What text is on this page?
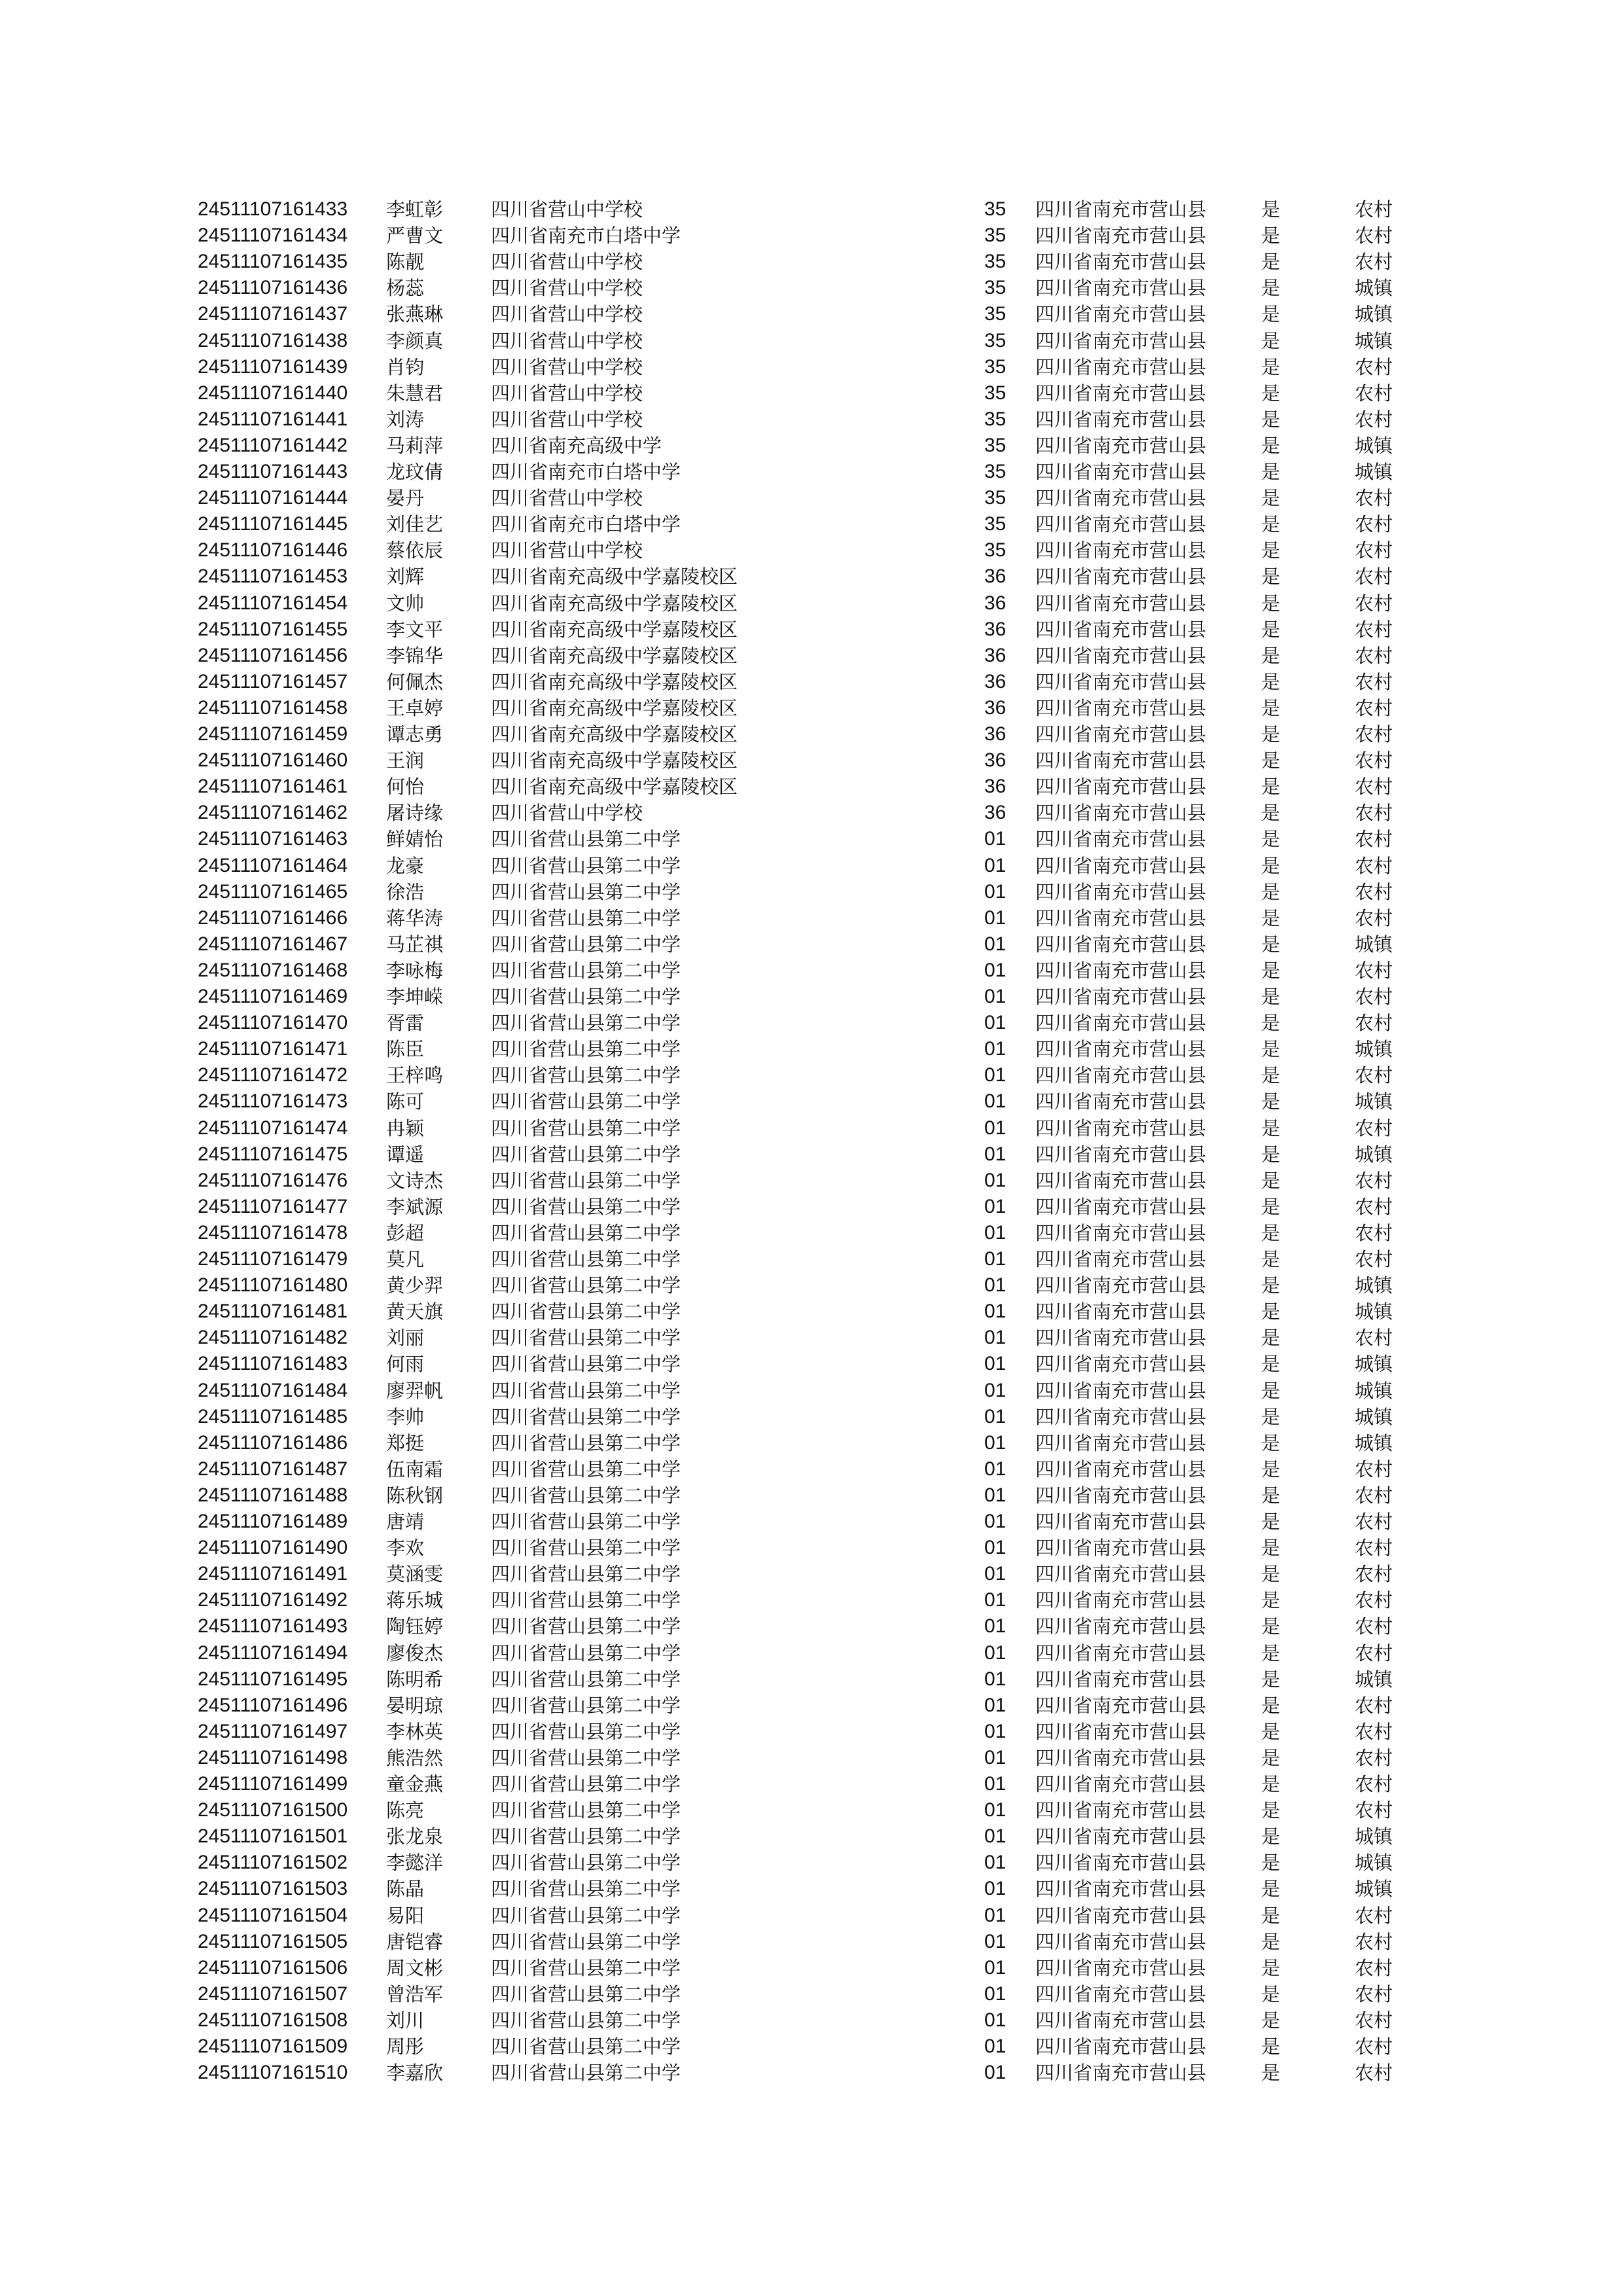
24511107161433 李虹彰	四川省营山中学校	35 四川省南充市营山县	是	农村
24511107161434 严曹文	四川省南充市白塔中学	35 四川省南充市营山县	是	农村
24511107161435 陈靓	四川省营山中学校	35 四川省南充市营山县	是	农村
24511107161436 杨蕊	四川省营山中学校	35 四川省南充市营山县	是	城镇
24511107161437 张燕琳	四川省营山中学校	35 四川省南充市营山县	是	城镇
24511107161438 李颜真	四川省营山中学校	35 四川省南充市营山县	是	城镇
24511107161439 肖钧	四川省营山中学校	35 四川省南充市营山县	是	农村
24511107161440 朱慧君	四川省营山中学校	35 四川省南充市营山县	是	农村
24511107161441 刘涛	四川省营山中学校	35 四川省南充市营山县	是	农村
24511107161442 马莉萍	四川省南充高级中学	35 四川省南充市营山县	是	城镇
24511107161443 龙玟倩	四川省南充市白塔中学	35 四川省南充市营山县	是	城镇
24511107161444 晏丹	四川省营山中学校	35 四川省南充市营山县	是	农村
24511107161445 刘佳艺	四川省南充市白塔中学	35 四川省南充市营山县	是	农村
24511107161446 蔡依辰	四川省营山中学校	35 四川省南充市营山县	是	农村
24511107161453 刘辉	四川省南充高级中学嘉陵校区	36 四川省南充市营山县	是	农村
24511107161454 文帅	四川省南充高级中学嘉陵校区	36 四川省南充市营山县	是	农村
24511107161455 李文平	四川省南充高级中学嘉陵校区	36 四川省南充市营山县	是	农村
24511107161456 李锦华	四川省南充高级中学嘉陵校区	36 四川省南充市营山县	是	农村
24511107161457 何佩杰	四川省南充高级中学嘉陵校区	36 四川省南充市营山县	是	农村
24511107161458 王卓婷	四川省南充高级中学嘉陵校区	36 四川省南充市营山县	是	农村
24511107161459 谭志勇	四川省南充高级中学嘉陵校区	36 四川省南充市营山县	是	农村
24511107161460 王润	四川省南充高级中学嘉陵校区	36 四川省南充市营山县	是	农村
24511107161461 何怡	四川省南充高级中学嘉陵校区	36 四川省南充市营山县	是	农村
24511107161462 屠诗缘	四川省营山中学校	36 四川省南充市营山县	是	农村
24511107161463 鲜婧怡	四川省营山县第二中学	01 四川省南充市营山县	是	农村
24511107161464 龙豪	四川省营山县第二中学	01 四川省南充市营山县	是	农村
24511107161465 徐浩	四川省营山县第二中学	01 四川省南充市营山县	是	农村
24511107161466 蒋华涛	四川省营山县第二中学	01 四川省南充市营山县	是	农村
24511107161467 马芷祺	四川省营山县第二中学	01 四川省南充市营山县	是	城镇
24511107161468 李咏梅	四川省营山县第二中学	01 四川省南充市营山县	是	农村
24511107161469 李坤嵘	四川省营山县第二中学	01 四川省南充市营山县	是	农村
24511107161470 胥雷	四川省营山县第二中学	01 四川省南充市营山县	是	农村
24511107161471 陈臣	四川省营山县第二中学	01 四川省南充市营山县	是	城镇
24511107161472 王梓鸣	四川省营山县第二中学	01 四川省南充市营山县	是	农村
24511107161473 陈可	四川省营山县第二中学	01 四川省南充市营山县	是	城镇
24511107161474 冉颖	四川省营山县第二中学	01 四川省南充市营山县	是	农村
24511107161475 谭遥	四川省营山县第二中学	01 四川省南充市营山县	是	城镇
24511107161476 文诗杰	四川省营山县第二中学	01 四川省南充市营山县	是	农村
24511107161477 李斌源	四川省营山县第二中学	01 四川省南充市营山县	是	农村
24511107161478 彭超	四川省营山县第二中学	01 四川省南充市营山县	是	农村
24511107161479 莫凡	四川省营山县第二中学	01 四川省南充市营山县	是	农村
24511107161480 黄少羿	四川省营山县第二中学	01 四川省南充市营山县	是	城镇
24511107161481 黄天旗	四川省营山县第二中学	01 四川省南充市营山县	是	城镇
24511107161482 刘丽	四川省营山县第二中学	01 四川省南充市营山县	是	农村
24511107161483 何雨	四川省营山县第二中学	01 四川省南充市营山县	是	城镇
24511107161484 廖羿帆	四川省营山县第二中学	01 四川省南充市营山县	是	城镇
24511107161485 李帅	四川省营山县第二中学	01 四川省南充市营山县	是	城镇
24511107161486 郑挺	四川省营山县第二中学	01 四川省南充市营山县	是	城镇
24511107161487 伍南霜	四川省营山县第二中学	01 四川省南充市营山县	是	农村
24511107161488 陈秋钢	四川省营山县第二中学	01 四川省南充市营山县	是	农村
24511107161489 唐靖	四川省营山县第二中学	01 四川省南充市营山县	是	农村
24511107161490 李欢	四川省营山县第二中学	01 四川省南充市营山县	是	农村
24511107161491 莫涵雯	四川省营山县第二中学	01 四川省南充市营山县	是	农村
24511107161492 蒋乐城	四川省营山县第二中学	01 四川省南充市营山县	是	农村
24511107161493 陶钰婷	四川省营山县第二中学	01 四川省南充市营山县	是	农村
24511107161494 廖俊杰	四川省营山县第二中学	01 四川省南充市营山县	是	农村
24511107161495 陈明希	四川省营山县第二中学	01 四川省南充市营山县	是	城镇
24511107161496 晏明琼	四川省营山县第二中学	01 四川省南充市营山县	是	农村
24511107161497 李林英	四川省营山县第二中学	01 四川省南充市营山县	是	农村
24511107161498 熊浩然	四川省营山县第二中学	01 四川省南充市营山县	是	农村
24511107161499 童金燕	四川省营山县第二中学	01 四川省南充市营山县	是	农村
24511107161500 陈亮	四川省营山县第二中学	01 四川省南充市营山县	是	农村
24511107161501 张龙泉	四川省营山县第二中学	01 四川省南充市营山县	是	城镇
24511107161502 李懿洋	四川省营山县第二中学	01 四川省南充市营山县	是	城镇
24511107161503 陈晶	四川省营山县第二中学	01 四川省南充市营山县	是	城镇
24511107161504 易阳	四川省营山县第二中学	01 四川省南充市营山县	是	农村
24511107161505 唐铠睿	四川省营山县第二中学	01 四川省南充市营山县	是	农村
24511107161506 周文彬	四川省营山县第二中学	01 四川省南充市营山县	是	农村
24511107161507 曾浩军	四川省营山县第二中学	01 四川省南充市营山县	是	农村
24511107161508 刘川	四川省营山县第二中学	01 四川省南充市营山县	是	农村
24511107161509 周彤	四川省营山县第二中学	01 四川省南充市营山县	是	农村
24511107161510 李嘉欣	四川省营山县第二中学	01 四川省南充市营山县	是	农村
